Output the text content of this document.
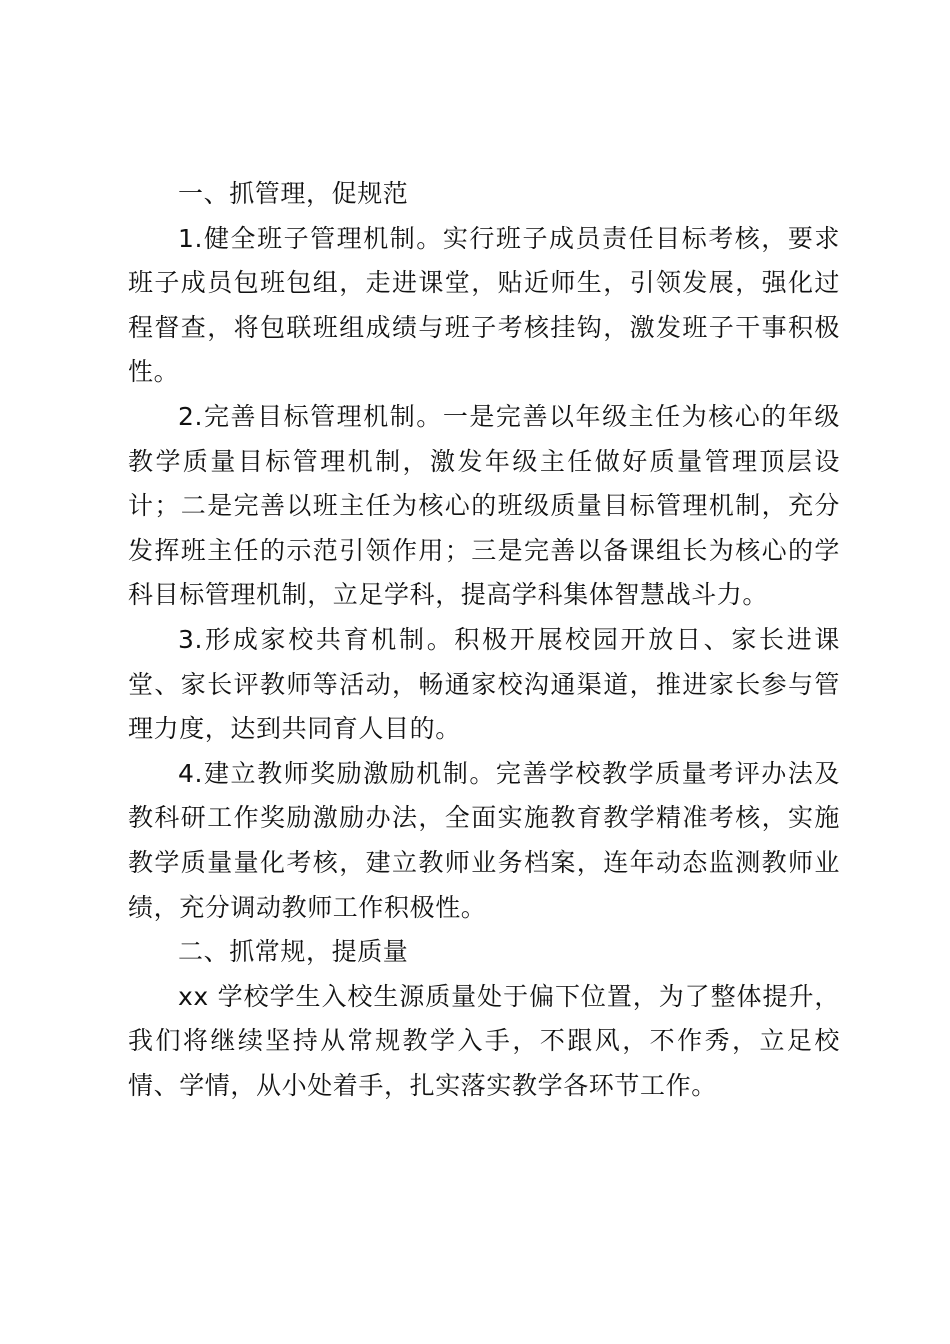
一、抓管理，促规范

1.健全班子管理机制。实行班子成员责任目标考核，要求班子成员包班包组，走进课堂，贴近师生，引领发展，强化过程督查，将包联班组成绩与班子考核挂钩，激发班子干事积极性。

2.完善目标管理机制。一是完善以年级主任为核心的年级教学质量目标管理机制，激发年级主任做好质量管理顶层设计；二是完善以班主任为核心的班级质量目标管理机制，充分发挥班主任的示范引领作用；三是完善以备课组长为核心的学科目标管理机制，立足学科，提高学科集体智慧战斗力。

3.形成家校共育机制。积极开展校园开放日、家长进课堂、家长评教师等活动，畅通家校沟通渠道，推进家长参与管理力度，达到共同育人目的。

4.建立教师奖励激励机制。完善学校教学质量考评办法及教科研工作奖励激励办法，全面实施教育教学精准考核，实施教学质量量化考核，建立教师业务档案，连年动态监测教师业绩，充分调动教师工作积极性。

二、抓常规，提质量

xx 学校学生入校生源质量处于偏下位置，为了整体提升，我们将继续坚持从常规教学入手，不跟风，不作秀，立足校情、学情，从小处着手，扎实落实教学各环节工作。
